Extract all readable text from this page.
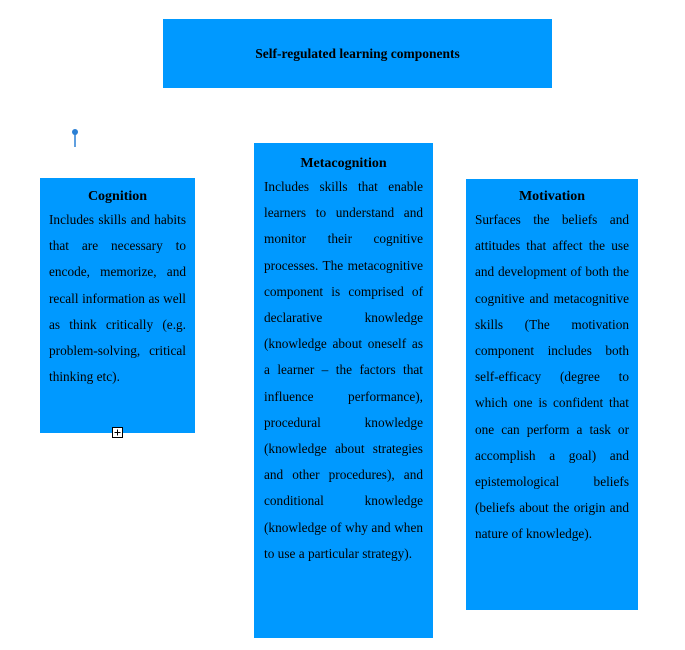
Self-regulated learning components

Cognition

Includes skills and habits that are necessary to encode, memorize, and recall information as well as think critically (e.g. problem-solving, critical thinking etc).

Metacognition

Includes skills that enable learners to understand and monitor their cognitive processes. The metacognitive component is comprised of declarative knowledge (knowledge about oneself as a learner – the factors that influence performance), procedural knowledge (knowledge about strategies and other procedures), and conditional knowledge (knowledge of why and when to use a particular strategy).

Motivation

Surfaces the beliefs and attitudes that affect the use and development of both the cognitive and metacognitive skills (The motivation component includes both self-efficacy (degree to which one is confident that one can perform a task or accomplish a goal) and epistemological beliefs (beliefs about the origin and nature of knowledge).
